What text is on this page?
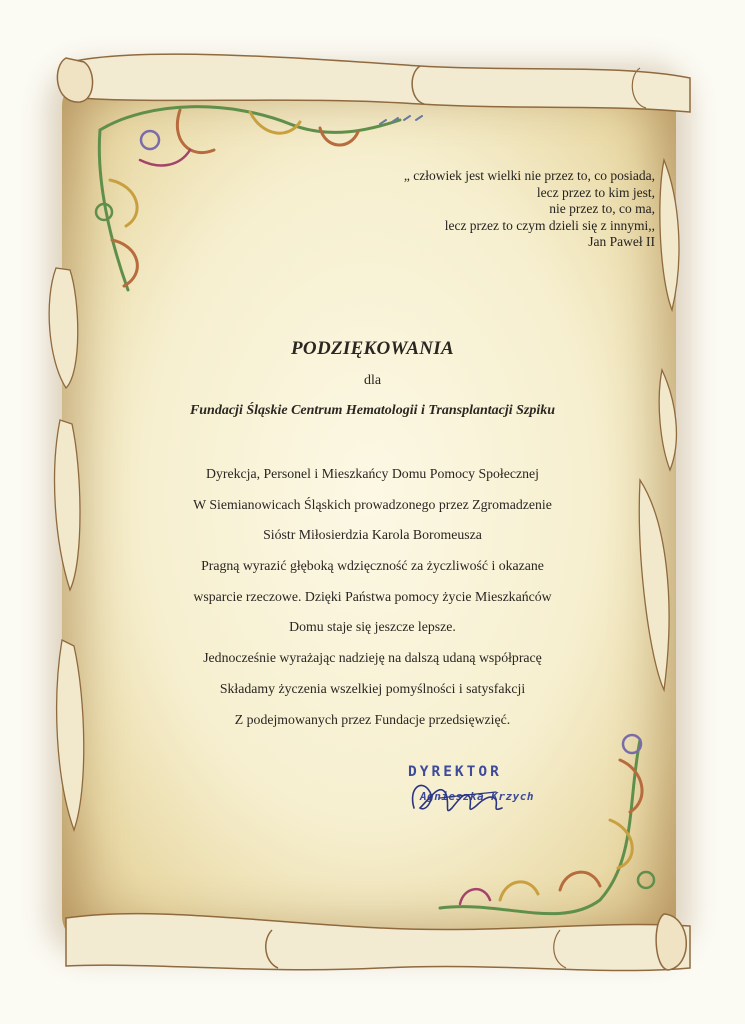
„ człowiek jest wielki nie przez to, co posiada,
lecz przez to kim jest,
nie przez to, co ma,
lecz przez to czym dzieli się z innymi,,
Jan Paweł II
PODZIĘKOWANIA
dla
Fundacji Śląskie Centrum Hematologii i Transplantacji Szpiku
Dyrekcja, Personel i Mieszkańcy Domu Pomocy Społecznej
W Siemianowicach Śląskich prowadzonego przez Zgromadzenie
Sióstr Miłosierdzia Karola Boromeusza
Pragną wyrazić głęboką wdzięczność za życzliwość i okazane
wsparcie rzeczowe. Dzięki Państwa pomocy życie Mieszkańców
Domu staje się jeszcze lepsze.
Jednocześnie wyrażając nadzieję na dalszą udaną współpracę
Składamy życzenia wszelkiej pomyślności i satysfakcji
Z podejmowanych przez Fundacje przedsięwzięć.
DYREKTOR
Agnieszka Krzych
